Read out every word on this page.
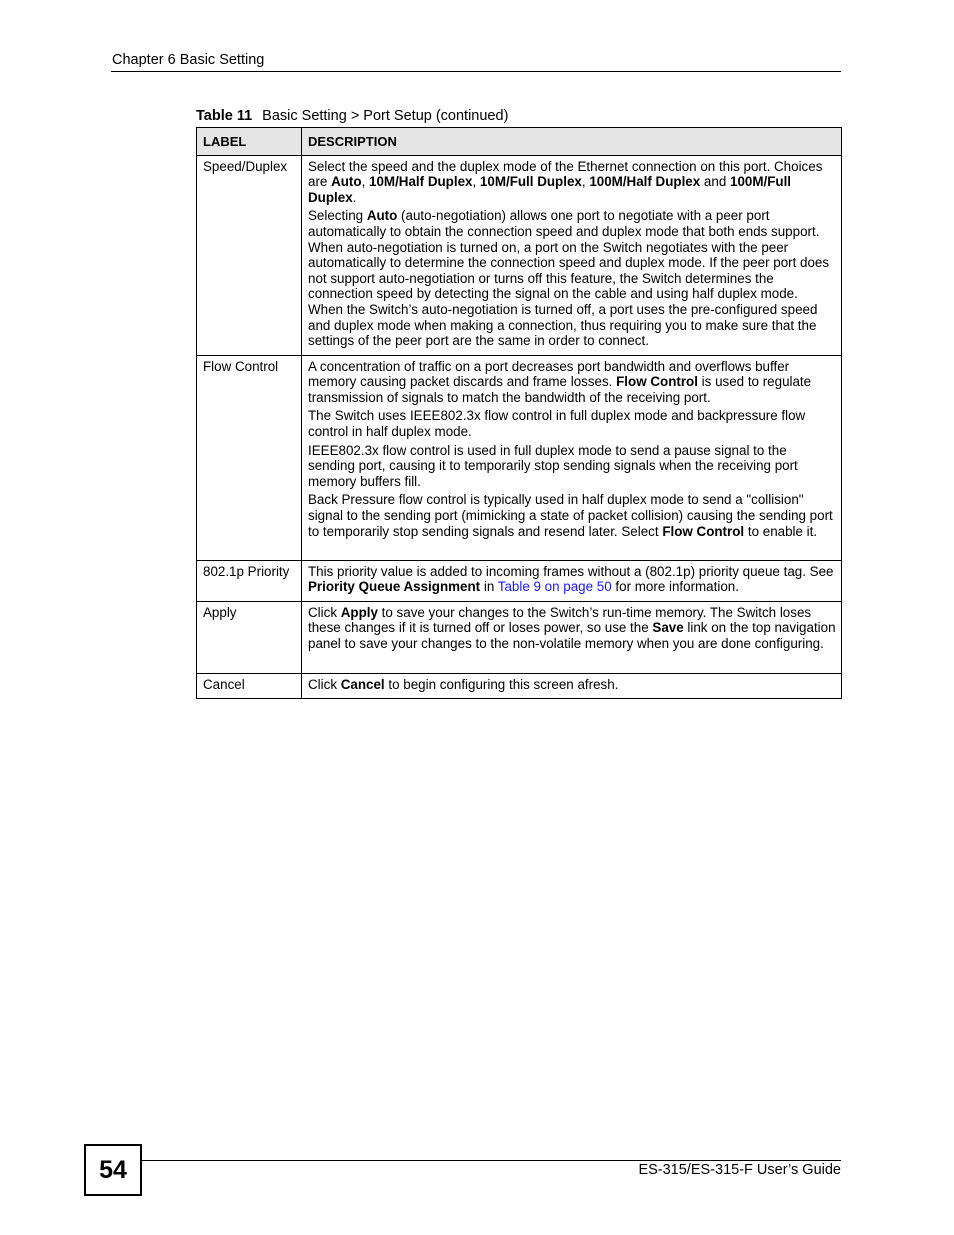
Chapter 6 Basic Setting
Table 11 Basic Setting > Port Setup (continued)
LABEL	DESCRIPTION
Speed/Duplex	Select the speed and the duplex mode of the Ethernet connection on this port. Choices are Auto, 10M/Half Duplex, 10M/Full Duplex, 100M/Half Duplex and 100M/Full Duplex.

Selecting Auto (auto-negotiation) allows one port to negotiate with a peer port automatically to obtain the connection speed and duplex mode that both ends support. When auto-negotiation is turned on, a port on the Switch negotiates with the peer automatically to determine the connection speed and duplex mode. If the peer port does not support auto-negotiation or turns off this feature, the Switch determines the connection speed by detecting the signal on the cable and using half duplex mode. When the Switch’s auto-negotiation is turned off, a port uses the pre-configured speed and duplex mode when making a connection, thus requiring you to make sure that the settings of the peer port are the same in order to connect.

Flow Control	A concentration of traffic on a port decreases port bandwidth and overflows buffer memory causing packet discards and frame losses. Flow Control is used to regulate transmission of signals to match the bandwidth of the receiving port.

The Switch uses IEEE802.3x flow control in full duplex mode and backpressure flow control in half duplex mode.

IEEE802.3x flow control is used in full duplex mode to send a pause signal to the sending port, causing it to temporarily stop sending signals when the receiving port memory buffers fill.

Back Pressure flow control is typically used in half duplex mode to send a "collision" signal to the sending port (mimicking a state of packet collision) causing the sending port to temporarily stop sending signals and resend later. Select Flow Control to enable it.

802.1p Priority	This priority value is added to incoming frames without a (802.1p) priority queue tag. See Priority Queue Assignment in Table 9 on page 50 for more information.

Apply	Click Apply to save your changes to the Switch’s run-time memory. The Switch loses these changes if it is turned off or loses power, so use the Save link on the top navigation panel to save your changes to the non-volatile memory when you are done configuring.

Cancel	Click Cancel to begin configuring this screen afresh.

54	ES-315/ES-315-F User’s Guide
